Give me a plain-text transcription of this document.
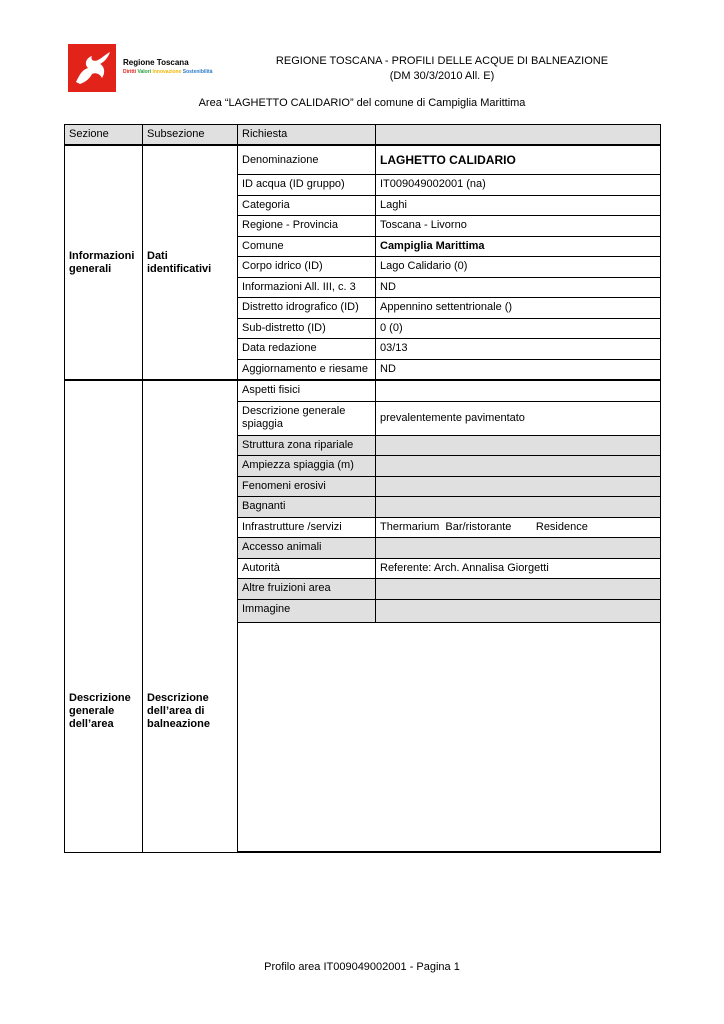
Regione Toscana
Diritti Valori Innovazione Sostenibilità
REGIONE TOSCANA - PROFILI DELLE ACQUE DI BALNEAZIONE
(DM 30/3/2010 All. E)
Area “LAGHETTO CALIDARIO” del comune di Campiglia Marittima
Sezione	Subsezione	Richiesta	
Informazioni generali	Dati identificativi	Denominazione	LAGHETTO CALIDARIO
		ID acqua (ID gruppo)	IT009049002001 (na)
		Categoria	Laghi
		Regione - Provincia	Toscana - Livorno
		Comune	Campiglia Marittima
		Corpo idrico (ID)	Lago Calidario (0)
		Informazioni All. III, c. 3	ND
		Distretto idrografico (ID)	Appennino settentrionale ()
		Sub-distretto (ID)	0 (0)
		Data redazione	03/13
		Aggiornamento e riesame	ND
Descrizione generale dell’area	Descrizione dell’area di balneazione	Aspetti fisici	
		Descrizione generale spiaggia	prevalentemente pavimentato
		Struttura zona ripariale	
		Ampiezza spiaggia (m)	
		Fenomeni erosivi	
		Bagnanti	
		Infrastrutture /servizi	Thermarium  Bar/ristorante        Residence
		Accesso animali	
		Autorità	Referente: Arch. Annalisa Giorgetti
		Altre fruizioni area	
		Immagine	

Profilo area IT009049002001 - Pagina 1
